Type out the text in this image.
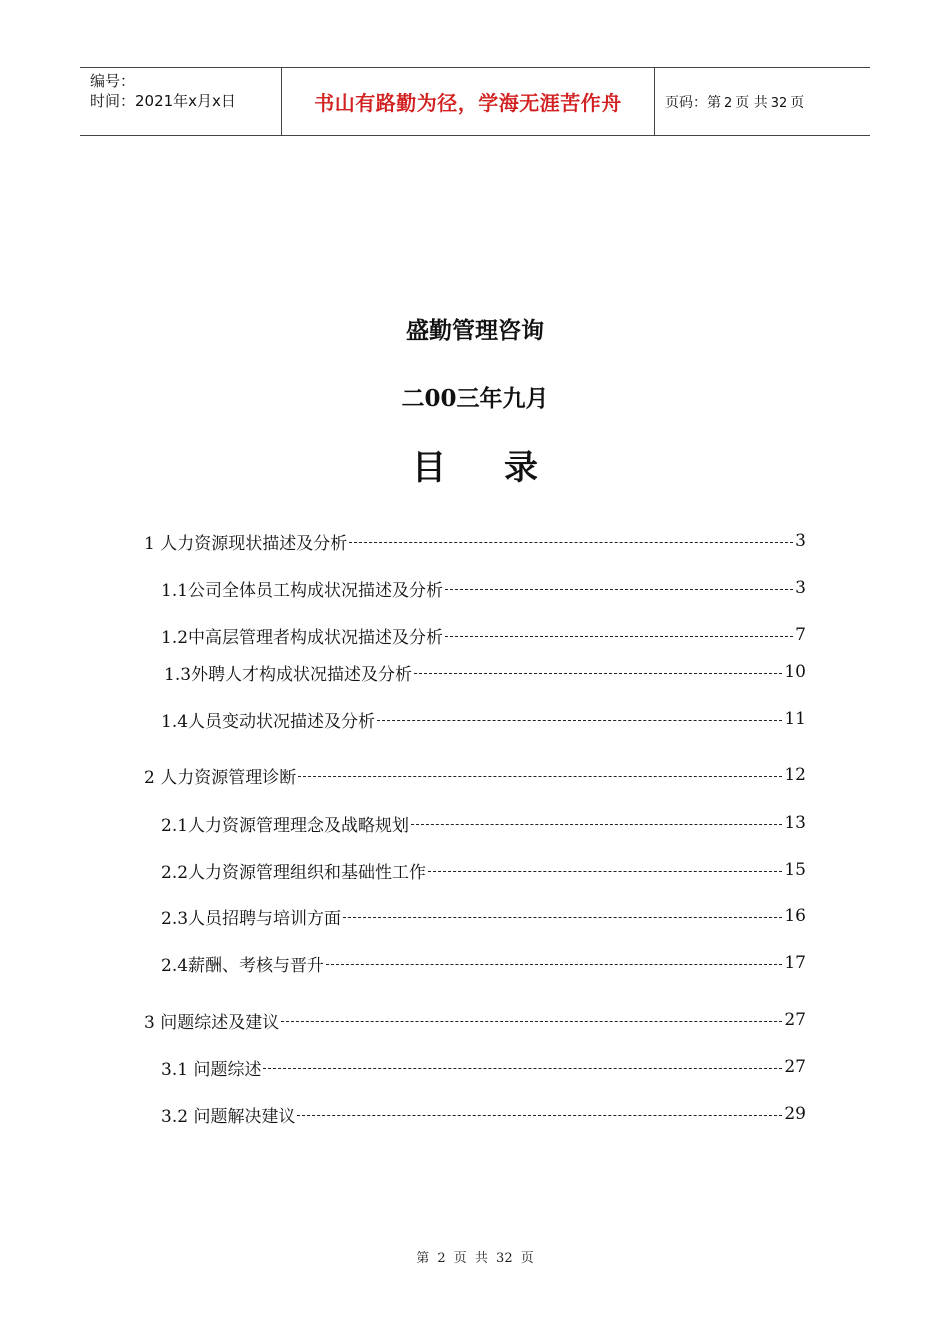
编号：
时间：2021年x月x日	书山有路勤为径，学海无涯苦作舟	页码：第 2 页 共 32 页
盛勤管理咨询
二00三年九月
目 录
1 人力资源现状描述及分析	3
1.1公司全体员工构成状况描述及分析	3
1.2中高层管理者构成状况描述及分析	7
1.3外聘人才构成状况描述及分析	10
1.4人员变动状况描述及分析	11
2 人力资源管理诊断	12
2.1人力资源管理理念及战略规划	13
2.2人力资源管理组织和基础性工作	15
2.3人员招聘与培训方面	16
2.4薪酬、考核与晋升	17
3 问题综述及建议	27
3.1 问题综述	27
3.2 问题解决建议	29
第 2 页 共 32 页
